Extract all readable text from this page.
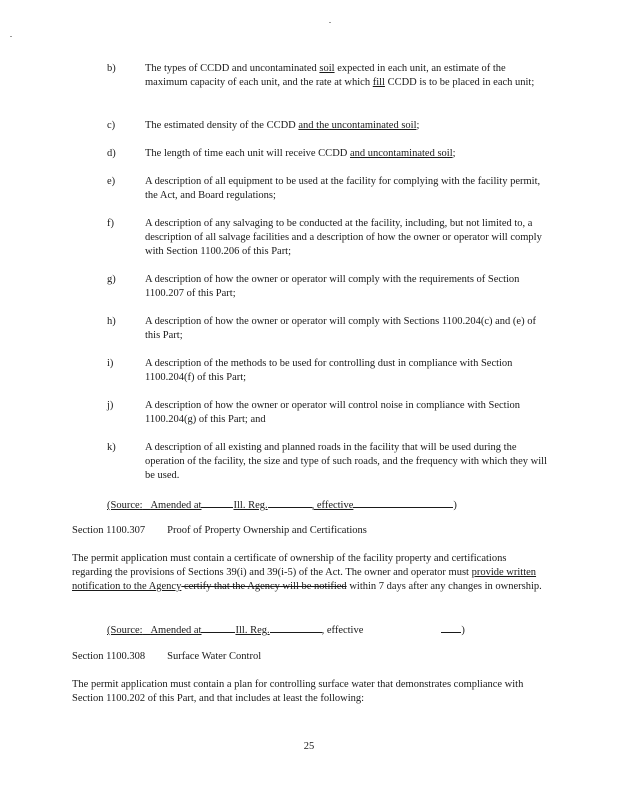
b)	The types of CCDD and uncontaminated soil expected in each unit, an estimate of the maximum capacity of each unit, and the rate at which fill CCDD is to be placed in each unit;
c)	The estimated density of the CCDD and the uncontaminated soil;
d)	The length of time each unit will receive CCDD and uncontaminated soil;
e)	A description of all equipment to be used at the facility for complying with the facility permit, the Act, and Board regulations;
f)	A description of any salvaging to be conducted at the facility, including, but not limited to, a description of all salvage facilities and a description of how the owner or operator will comply with Section 1100.206 of this Part;
g)	A description of how the owner or operator will comply with the requirements of Section 1100.207 of this Part;
h)	A description of how the owner or operator will comply with Sections 1100.204(c) and (e) of this Part;
i)	A description of the methods to be used for controlling dust in compliance with Section 1100.204(f) of this Part;
j)	A description of how the owner or operator will control noise in compliance with Section 1100.204(g) of this Part; and
k)	A description of all existing and planned roads in the facility that will be used during the operation of the facility, the size and type of such roads, and the frequency with which they will be used.
(Source: Amended at	Ill. Reg.	, effective	)
Section 1100.307 Proof of Property Ownership and Certifications
The permit application must contain a certificate of ownership of the facility property and certifications regarding the provisions of Sections 39(i) and 39(i-5) of the Act. The owner and operator must provide written notification to the Agency certify that the Agency will be notified within 7 days after any changes in ownership.
(Source: Amended at	Ill. Reg.	, effective	)
Section 1100.308 Surface Water Control
The permit application must contain a plan for controlling surface water that demonstrates compliance with Section 1100.202 of this Part, and that includes at least the following:
25
